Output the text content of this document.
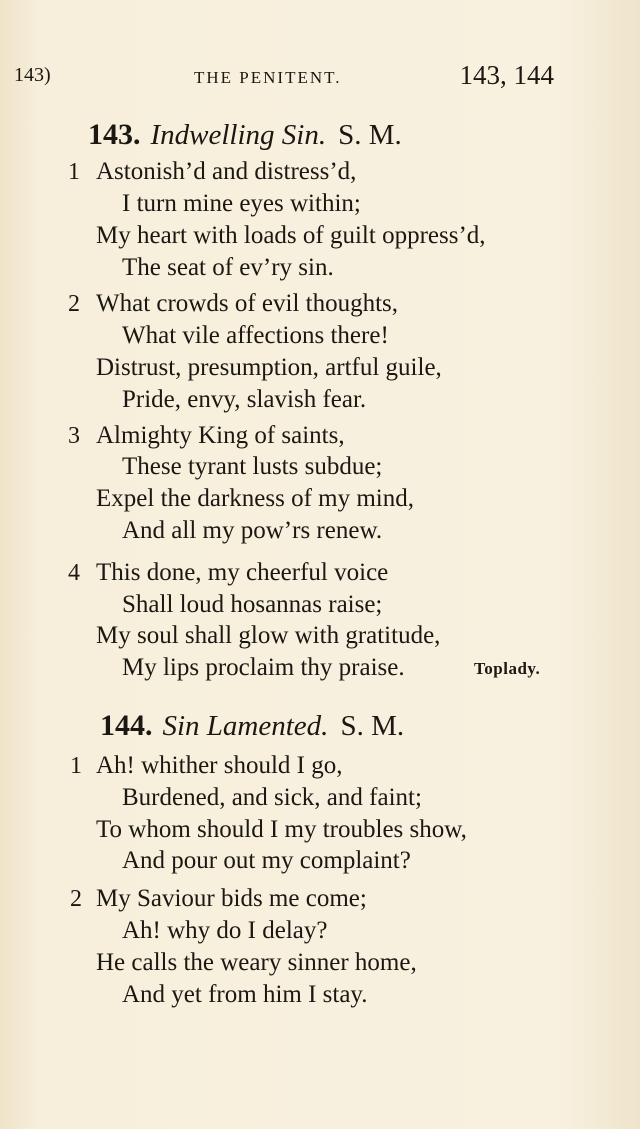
143)	THE PENITENT.	143, 144
143. Indwelling Sin. S. M.
1 Astonish’d and distress’d,
I turn mine eyes within;
My heart with loads of guilt oppress’d,
The seat of ev’ry sin.
2 What crowds of evil thoughts,
What vile affections there!
Distrust, presumption, artful guile,
Pride, envy, slavish fear.
3 Almighty King of saints,
These tyrant lusts subdue;
Expel the darkness of my mind,
And all my pow’rs renew.
4 This done, my cheerful voice
Shall loud hosannas raise;
My soul shall glow with gratitude,
My lips proclaim thy praise.	Toplady.
144. Sin Lamented. S. M.
1 Ah! whither should I go,
Burdened, and sick, and faint;
To whom should I my troubles show,
And pour out my complaint?
2 My Saviour bids me come;
Ah! why do I delay?
He calls the weary sinner home,
And yet from him I stay.
